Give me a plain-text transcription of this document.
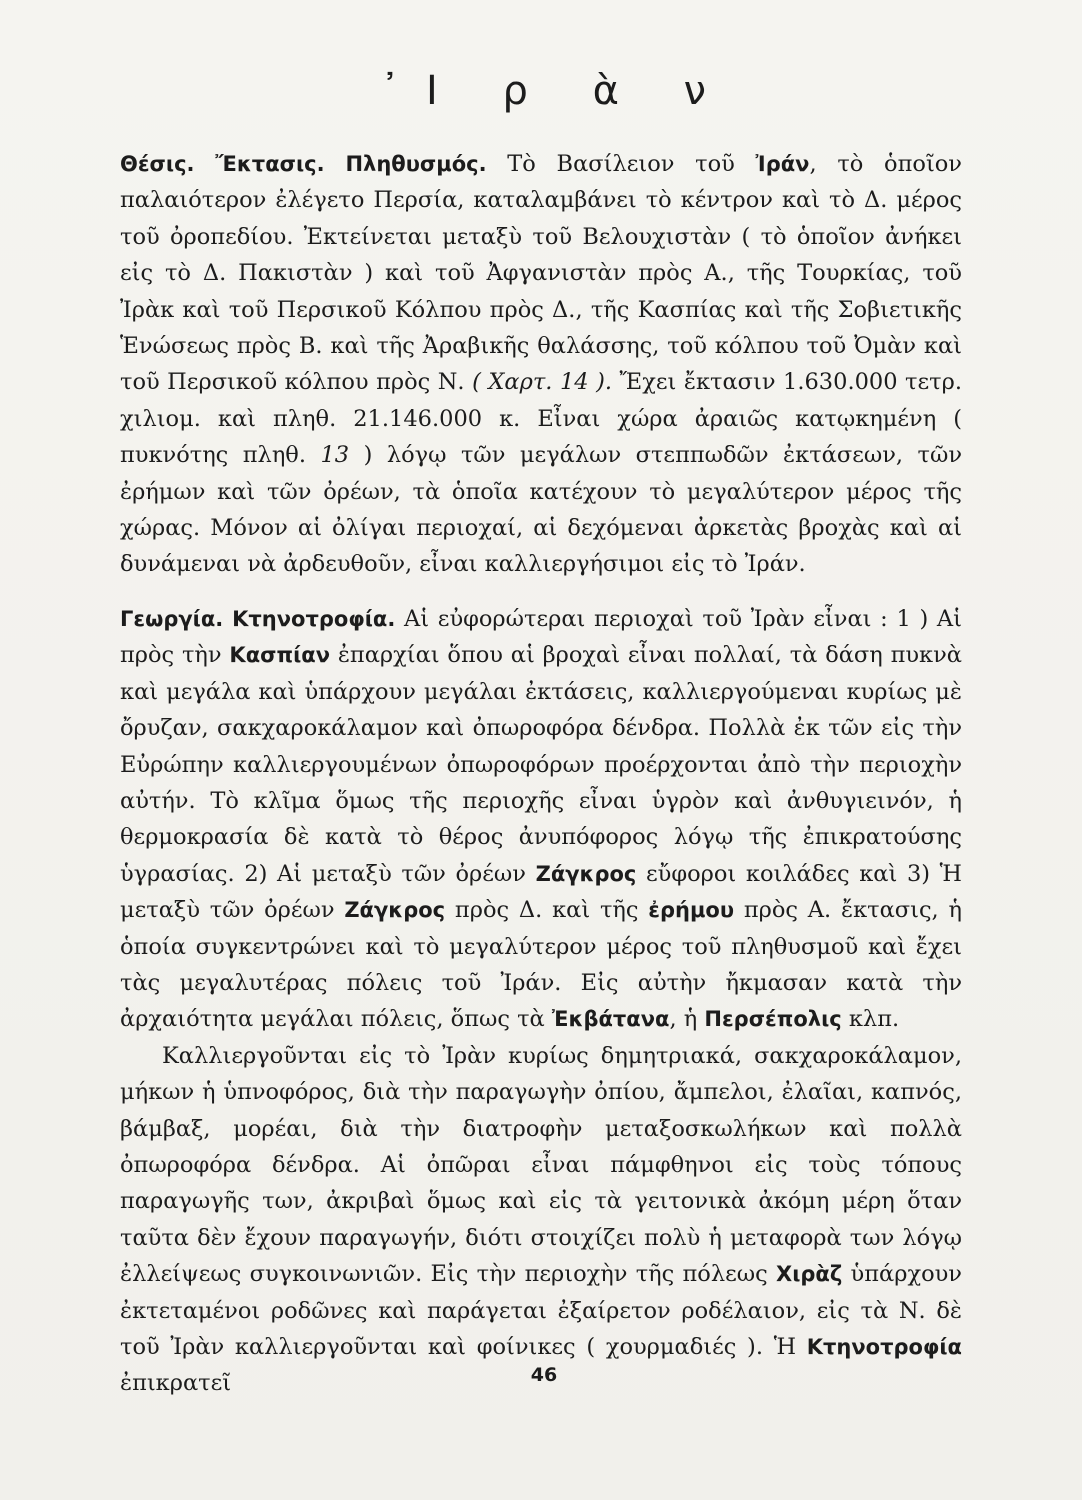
᾽Ι ρ ὰ ν

Θέσις. Ἔκτασις. Πληθυσμός. Τὸ Βασίλειον τοῦ Ἰράν, τὸ ὁποῖον παλαιότερον ἐλέγετο Περσία, καταλαμβάνει τὸ κέντρον καὶ τὸ Δ. μέρος τοῦ ὀροπεδίου. Ἐκτείνεται μεταξὺ τοῦ Βελουχιστὰν ( τὸ ὁποῖον ἀνήκει εἰς τὸ Δ. Πακιστὰν ) καὶ τοῦ Ἀφγανιστὰν πρὸς Α., τῆς Τουρκίας, τοῦ Ἰρὰκ καὶ τοῦ Περσικοῦ Κόλπου πρὸς Δ., τῆς Κασπίας καὶ τῆς Σοβιετικῆς Ἑνώσεως πρὸς Β. καὶ τῆς Ἀραβικῆς θαλάσσης, τοῦ κόλπου τοῦ Ὀμὰν καὶ τοῦ Περσικοῦ κόλπου πρὸς Ν. ( Χαρτ. 14 ). Ἔχει ἔκτασιν 1.630.000 τετρ. χιλιομ. καὶ πληθ. 21.146.000 κ. Εἶναι χώρα ἀραιῶς κατῳκημένη ( πυκνότης πληθ. 13 ) λόγῳ τῶν μεγάλων στεππωδῶν ἐκτάσεων, τῶν ἐρήμων καὶ τῶν ὀρέων, τὰ ὁποῖα κατέχουν τὸ μεγαλύτερον μέρος τῆς χώρας. Μόνον αἱ ὀλίγαι περιοχαί, αἱ δεχόμεναι ἀρκετὰς βροχὰς καὶ αἱ δυνάμεναι νὰ ἀρδευθοῦν, εἶναι καλλιεργήσιμοι εἰς τὸ Ἰράν.

Γεωργία. Κτηνοτροφία. Αἱ εὐφορώτεραι περιοχαὶ τοῦ Ἰρὰν εἶναι : 1 ) Αἱ πρὸς τὴν Κασπίαν ἐπαρχίαι ὅπου αἱ βροχαὶ εἶναι πολλαί, τὰ δάση πυκνὰ καὶ μεγάλα καὶ ὑπάρχουν μεγάλαι ἐκτάσεις, καλλιεργούμεναι κυρίως μὲ ὄρυζαν, σακχαροκάλαμον καὶ ὀπωροφόρα δένδρα. Πολλὰ ἐκ τῶν εἰς τὴν Εὐρώπην καλλιεργουμένων ὀπωροφόρων προέρχονται ἀπὸ τὴν περιοχὴν αὐτήν. Τὸ κλῖμα ὅμως τῆς περιοχῆς εἶναι ὑγρὸν καὶ ἀνθυγιεινόν, ἡ θερμοκρασία δὲ κατὰ τὸ θέρος ἀνυπόφορος λόγῳ τῆς ἐπικρατούσης ὑγρασίας. 2) Αἱ μεταξὺ τῶν ὀρέων Ζάγκρος εὔφοροι κοιλάδες καὶ 3) Ἡ μεταξὺ τῶν ὀρέων Ζάγκρος πρὸς Δ. καὶ τῆς ἐρήμου πρὸς Α. ἔκτασις, ἡ ὁποία συγκεντρώνει καὶ τὸ μεγαλύτερον μέρος τοῦ πληθυσμοῦ καὶ ἔχει τὰς μεγαλυτέρας πόλεις τοῦ Ἰράν. Εἰς αὐτὴν ἤκμασαν κατὰ τὴν ἀρχαιότητα μεγάλαι πόλεις, ὅπως τὰ Ἐκβάτανα, ἡ Περσέπολις κλπ.

Καλλιεργοῦνται εἰς τὸ Ἰρὰν κυρίως δημητριακά, σακχαροκάλαμον, μήκων ἡ ὑπνοφόρος, διὰ τὴν παραγωγὴν ὀπίου, ἄμπελοι, ἐλαῖαι, καπνός, βάμβαξ, μορέαι, διὰ τὴν διατροφὴν μεταξοσκωλήκων καὶ πολλὰ ὀπωροφόρα δένδρα. Αἱ ὀπῶραι εἶναι πάμφθηνοι εἰς τοὺς τόπους παραγωγῆς των, ἀκριβαὶ ὅμως καὶ εἰς τὰ γειτονικὰ ἀκόμη μέρη ὅταν ταῦτα δὲν ἔχουν παραγωγήν, διότι στοιχίζει πολὺ ἡ μεταφορὰ των λόγῳ ἐλλείψεως συγκοινωνιῶν. Εἰς τὴν περιοχὴν τῆς πόλεως Χιρὰζ ὑπάρχουν ἐκτεταμένοι ροδῶνες καὶ παράγεται ἐξαίρετον ροδέλαιον, εἰς τὰ Ν. δὲ τοῦ Ἰρὰν καλλιεργοῦνται καὶ φοίνικες ( χουρμαδιές ). Ἡ Κτηνοτροφία ἐπικρατεῖ	46
